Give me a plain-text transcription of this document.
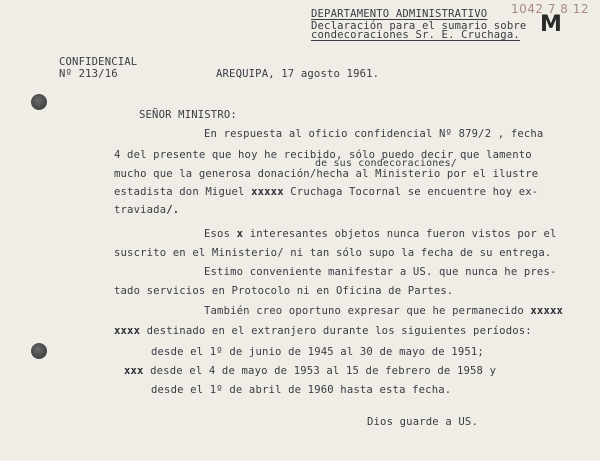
1042 7 8 12
M
DEPARTAMENTO ADMINISTRATIVO
Declaración para el sumario sobre
condecoraciones Sr. E. Cruchaga.
CONFIDENCIAL
Nº 213/16	AREQUIPA, 17 agosto 1961.
SEÑOR MINISTRO:
En respuesta al oficio confidencial Nº 879/2 , fecha
de sus condecoraciones/
4 del presente que hoy he recibido, sólo puedo decir que lamento
mucho que la generosa donación/hecha al Ministerio por el ilustre
estadista don Miguel xxxxx Cruchaga Tocornal se encuentre hoy ex-
traviada/.
Esos x interesantes objetos nunca fueron vistos por el
suscrito en el Ministerio/ ni tan sólo supo la fecha de su entrega.
Estimo conveniente manifestar a US. que nunca he pres-
tado servicios en Protocolo ni en Oficina de Partes.
También creo oportuno expresar que he permanecido xxxxx
xxxx destinado en el extranjero durante los siguientes períodos:
desde el 1º de junio de 1945 al 30 de mayo de 1951;
xxx desde el 4 de mayo de 1953 al 15 de febrero de 1958 y
desde el 1º de abril de 1960 hasta esta fecha.
Dios guarde a US.
